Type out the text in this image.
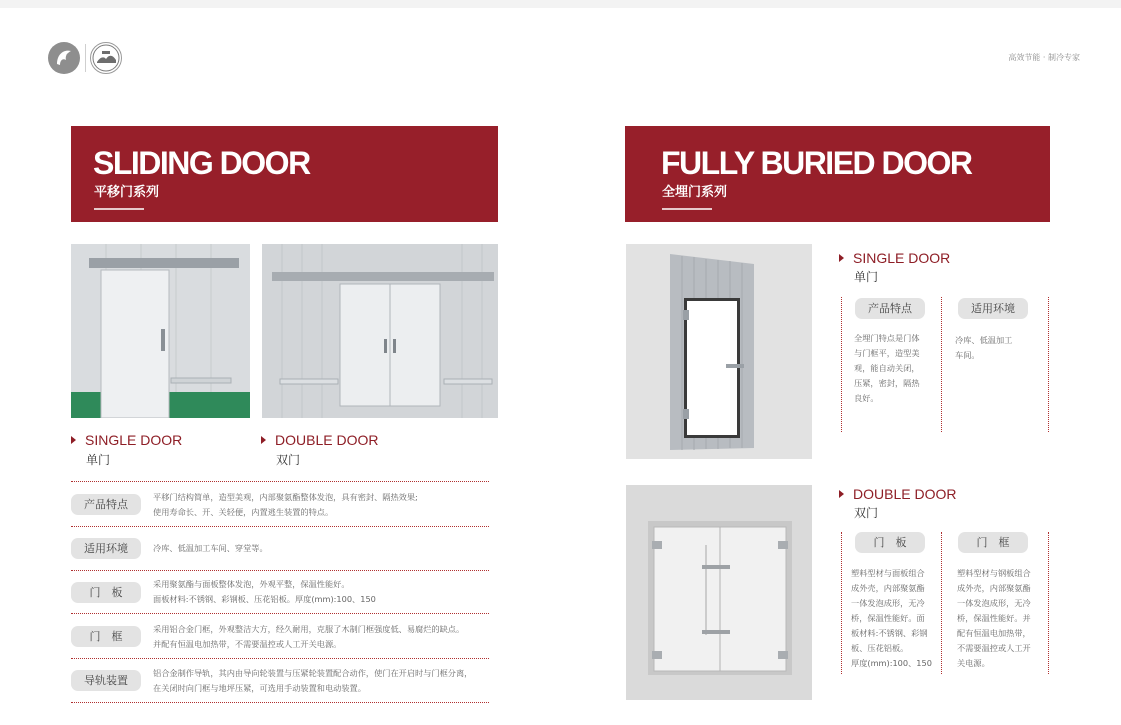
高效节能 · 制冷专家
SLIDING DOOR
平移门系列
SINGLE DOOR
单门
DOUBLE DOOR
双门
产品特点
平移门结构简单，造型美观，内部聚氨酯整体发泡，具有密封、隔热效果;
使用寿命长、开、关轻便，内置逃生装置的特点。
适用环境	冷库、低温加工车间、穿堂等。
门　板
采用聚氨酯与面板整体发泡，外观平整，保温性能好。
面板材料:不锈钢、彩钢板、压花铝板。厚度(mm):100、150
门　框
采用铝合金门框，外观整洁大方，经久耐用，克服了木制门框强度低、易腐烂的缺点。
并配有恒温电加热带，不需要温控或人工开关电源。
导轨装置
铝合金制作导轨，其内由导向轮装置与压紧轮装置配合动作，使门在开启时与门框分离，
在关闭时向门框与地坪压紧，可选用手动装置和电动装置。
FULLY BURIED DOOR
全埋门系列
SINGLE DOOR
单门
产品特点
全埋门特点是门体
与门框平，造型美
观，能自动关闭，
压紧，密封，隔热
良好。
适用环境
冷库、低温加工
车间。
DOUBLE DOOR
双门
门　板
塑料型材与面板组合
成外壳，内部聚氨酯
一体发泡成形，无冷
桥，保温性能好。面
板材料:不锈钢、彩钢
板、压花铝板。
厚度(mm):100、150
门　框
塑料型材与钢板组合
成外壳，内部聚氨酯
一体发泡成形，无冷
桥，保温性能好。并
配有恒温电加热带，
不需要温控或人工开
关电源。
